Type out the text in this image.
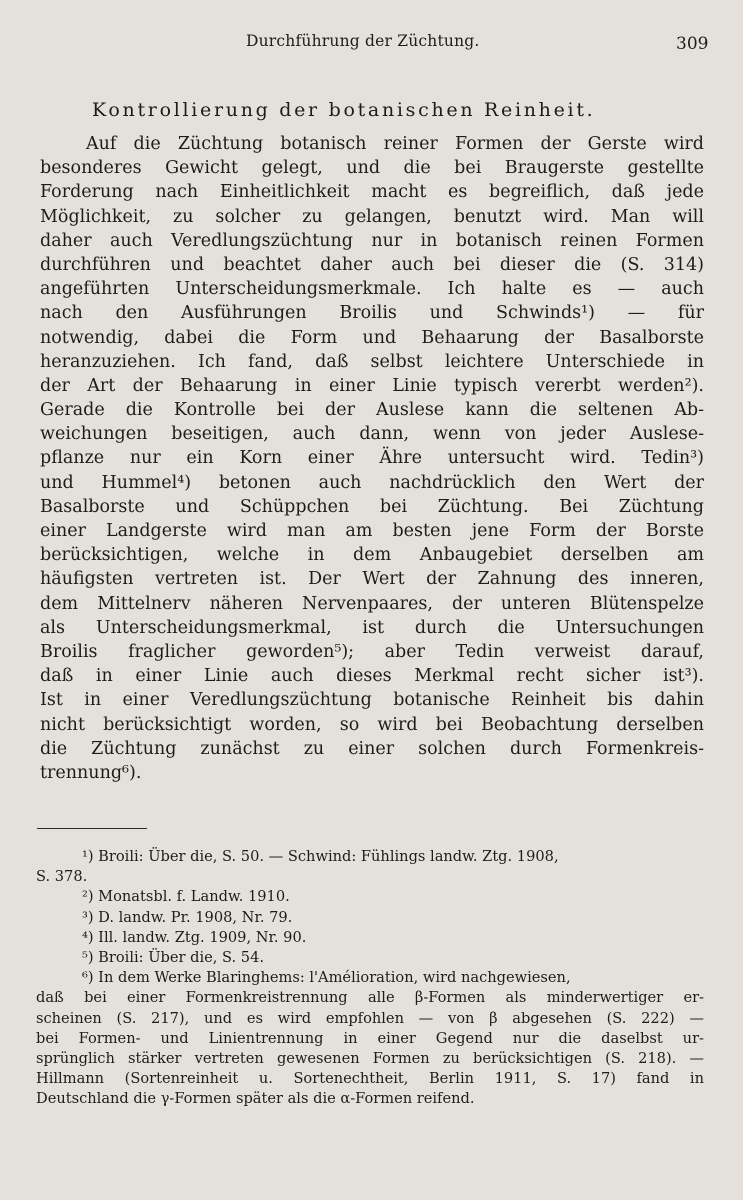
Durchführung der Züchtung.	309
Kontrollierung der botanischen Reinheit.
Auf die Züchtung botanisch reiner Formen der Gerste wird
besonderes Gewicht gelegt, und die bei Braugerste gestellte
Forderung nach Einheitlichkeit macht es begreiflich, daß jede
Möglichkeit, zu solcher zu gelangen, benutzt wird. Man will
daher auch Veredlungszüchtung nur in botanisch reinen Formen
durchführen und beachtet daher auch bei dieser die (S. 314)
angeführten Unterscheidungsmerkmale. Ich halte es — auch
nach den Ausführungen Broilis und Schwinds¹) — für
notwendig, dabei die Form und Behaarung der Basalborste
heranzuziehen. Ich fand, daß selbst leichtere Unterschiede in
der Art der Behaarung in einer Linie typisch vererbt werden²).
Gerade die Kontrolle bei der Auslese kann die seltenen Ab-
weichungen beseitigen, auch dann, wenn von jeder Auslese-
pflanze nur ein Korn einer Ähre untersucht wird. Tedin³)
und Hummel⁴) betonen auch nachdrücklich den Wert der
Basalborste und Schüppchen bei Züchtung. Bei Züchtung
einer Landgerste wird man am besten jene Form der Borste
berücksichtigen, welche in dem Anbaugebiet derselben am
häufigsten vertreten ist. Der Wert der Zahnung des inneren,
dem Mittelnerv näheren Nervenpaares, der unteren Blütenspelze
als Unterscheidungsmerkmal, ist durch die Untersuchungen
Broilis fraglicher geworden⁵); aber Tedin verweist darauf,
daß in einer Linie auch dieses Merkmal recht sicher ist³).
Ist in einer Veredlungszüchtung botanische Reinheit bis dahin
nicht berücksichtigt worden, so wird bei Beobachtung derselben
die Züchtung zunächst zu einer solchen durch Formenkreis-
trennung⁶).
¹) Broili: Über die, S. 50. — Schwind: Fühlings landw. Ztg. 1908,
S. 378.
²) Monatsbl. f. Landw. 1910.
³) D. landw. Pr. 1908, Nr. 79.
⁴) Ill. landw. Ztg. 1909, Nr. 90.
⁵) Broili: Über die, S. 54.
⁶) In dem Werke Blaringhems: l'Amélioration, wird nachgewiesen,
daß bei einer Formenkreistrennung alle β-Formen als minderwertiger er-
scheinen (S. 217), und es wird empfohlen — von β abgesehen (S. 222) —
bei Formen- und Linientrennung in einer Gegend nur die daselbst ur-
sprünglich stärker vertreten gewesenen Formen zu berücksichtigen (S. 218). —
Hillmann (Sortenreinheit u. Sortenechtheit, Berlin 1911, S. 17) fand in
Deutschland die γ-Formen später als die α-Formen reifend.
